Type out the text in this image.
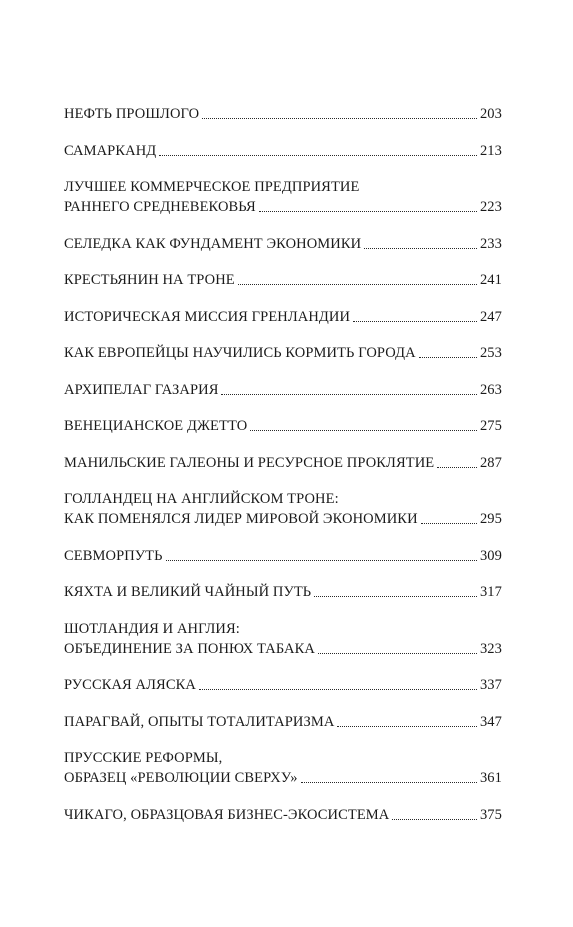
НЕФТЬ ПРОШЛОГО	203
САМАРКАНД	213
ЛУЧШЕЕ КОММЕРЧЕСКОЕ ПРЕДПРИЯТИЕ
РАННЕГО СРЕДНЕВЕКОВЬЯ	223
СЕЛЕДКА КАК ФУНДАМЕНТ ЭКОНОМИКИ	233
КРЕСТЬЯНИН НА ТРОНЕ	241
ИСТОРИЧЕСКАЯ МИССИЯ ГРЕНЛАНДИИ	247
КАК ЕВРОПЕЙЦЫ НАУЧИЛИСЬ КОРМИТЬ ГОРОДА	253
АРХИПЕЛАГ ГАЗАРИЯ	263
ВЕНЕЦИАНСКОЕ ДЖЕТТО	275
МАНИЛЬСКИЕ ГАЛЕОНЫ И РЕСУРСНОЕ ПРОКЛЯТИЕ	287
ГОЛЛАНДЕЦ НА АНГЛИЙСКОМ ТРОНЕ:
КАК ПОМЕНЯЛСЯ ЛИДЕР МИРОВОЙ ЭКОНОМИКИ	295
СЕВМОРПУТЬ	309
КЯХТА И ВЕЛИКИЙ ЧАЙНЫЙ ПУТЬ	317
ШОТЛАНДИЯ И АНГЛИЯ:
ОБЪЕДИНЕНИЕ ЗА ПОНЮХ ТАБАКА	323
РУССКАЯ АЛЯСКА	337
ПАРАГВАЙ, ОПЫТЫ ТОТАЛИТАРИЗМА	347
ПРУССКИЕ РЕФОРМЫ,
ОБРАЗЕЦ «РЕВОЛЮЦИИ СВЕРХУ»	361
ЧИКАГО, ОБРАЗЦОВАЯ БИЗНЕС-ЭКОСИСТЕМА	375
